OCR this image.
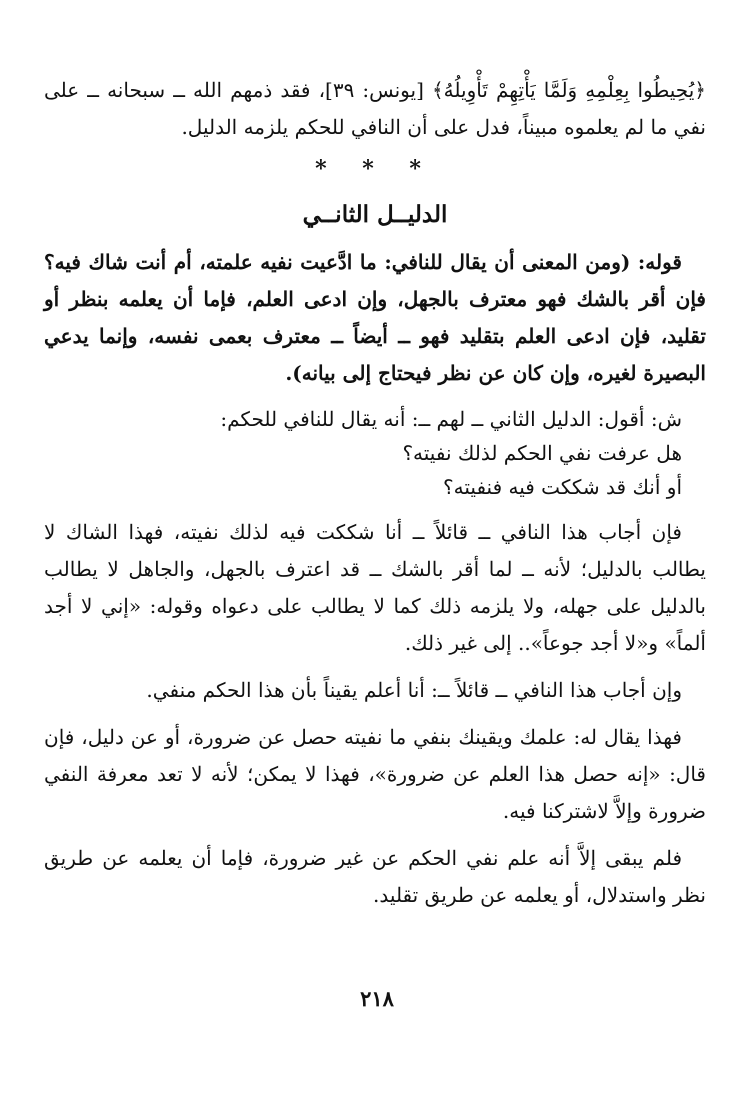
﴿يُحِيطُوا بِعِلْمِهِ وَلَمَّا يَأْتِهِمْ تَأْوِيلُهُ﴾ [يونس: ٣٩]، فقد ذمهم الله ــ سبحانه ــ على نفي ما لم يعلموه مبيناً، فدل على أن النافي للحكم يلزمه الدليل.

* * *
الدليــل الثانــي

قوله: (ومن المعنى أن يقال للنافي: ما ادَّعيت نفيه علمته، أم أنت شاك فيه؟ فإن أقر بالشك فهو معترف بالجهل، وإن ادعى العلم، فإما أن يعلمه بنظر أو تقليد، فإن ادعى العلم بتقليد فهو ــ أيضاً ــ معترف بعمى نفسه، وإنما يدعي البصيرة لغيره، وإن كان عن نظر فيحتاج إلى بيانه).

ش: أقول: الدليل الثاني ــ لهم ــ: أنه يقال للنافي للحكم:

هل عرفت نفي الحكم لذلك نفيته؟

أو أنك قد شككت فيه فنفيته؟

فإن أجاب هذا النافي ــ قائلاً ــ أنا شككت فيه لذلك نفيته، فهذا الشاك لا يطالب بالدليل؛ لأنه ــ لما أقر بالشك ــ قد اعترف بالجهل، والجاهل لا يطالب بالدليل على جهله، ولا يلزمه ذلك كما لا يطالب على دعواه وقوله: «إني لا أجد ألماً» و«لا أجد جوعاً».. إلى غير ذلك.

وإن أجاب هذا النافي ــ قائلاً ــ: أنا أعلم يقيناً بأن هذا الحكم منفي.

فهذا يقال له: علمك ويقينك بنفي ما نفيته حصل عن ضرورة، أو عن دليل، فإن قال: «إنه حصل هذا العلم عن ضرورة»، فهذا لا يمكن؛ لأنه لا تعد معرفة النفي ضرورة وإلاَّ لاشتركنا فيه.

فلم يبقى إلاَّ أنه علم نفي الحكم عن غير ضرورة، فإما أن يعلمه عن طريق نظر واستدلال، أو يعلمه عن طريق تقليد.

٢١٨
